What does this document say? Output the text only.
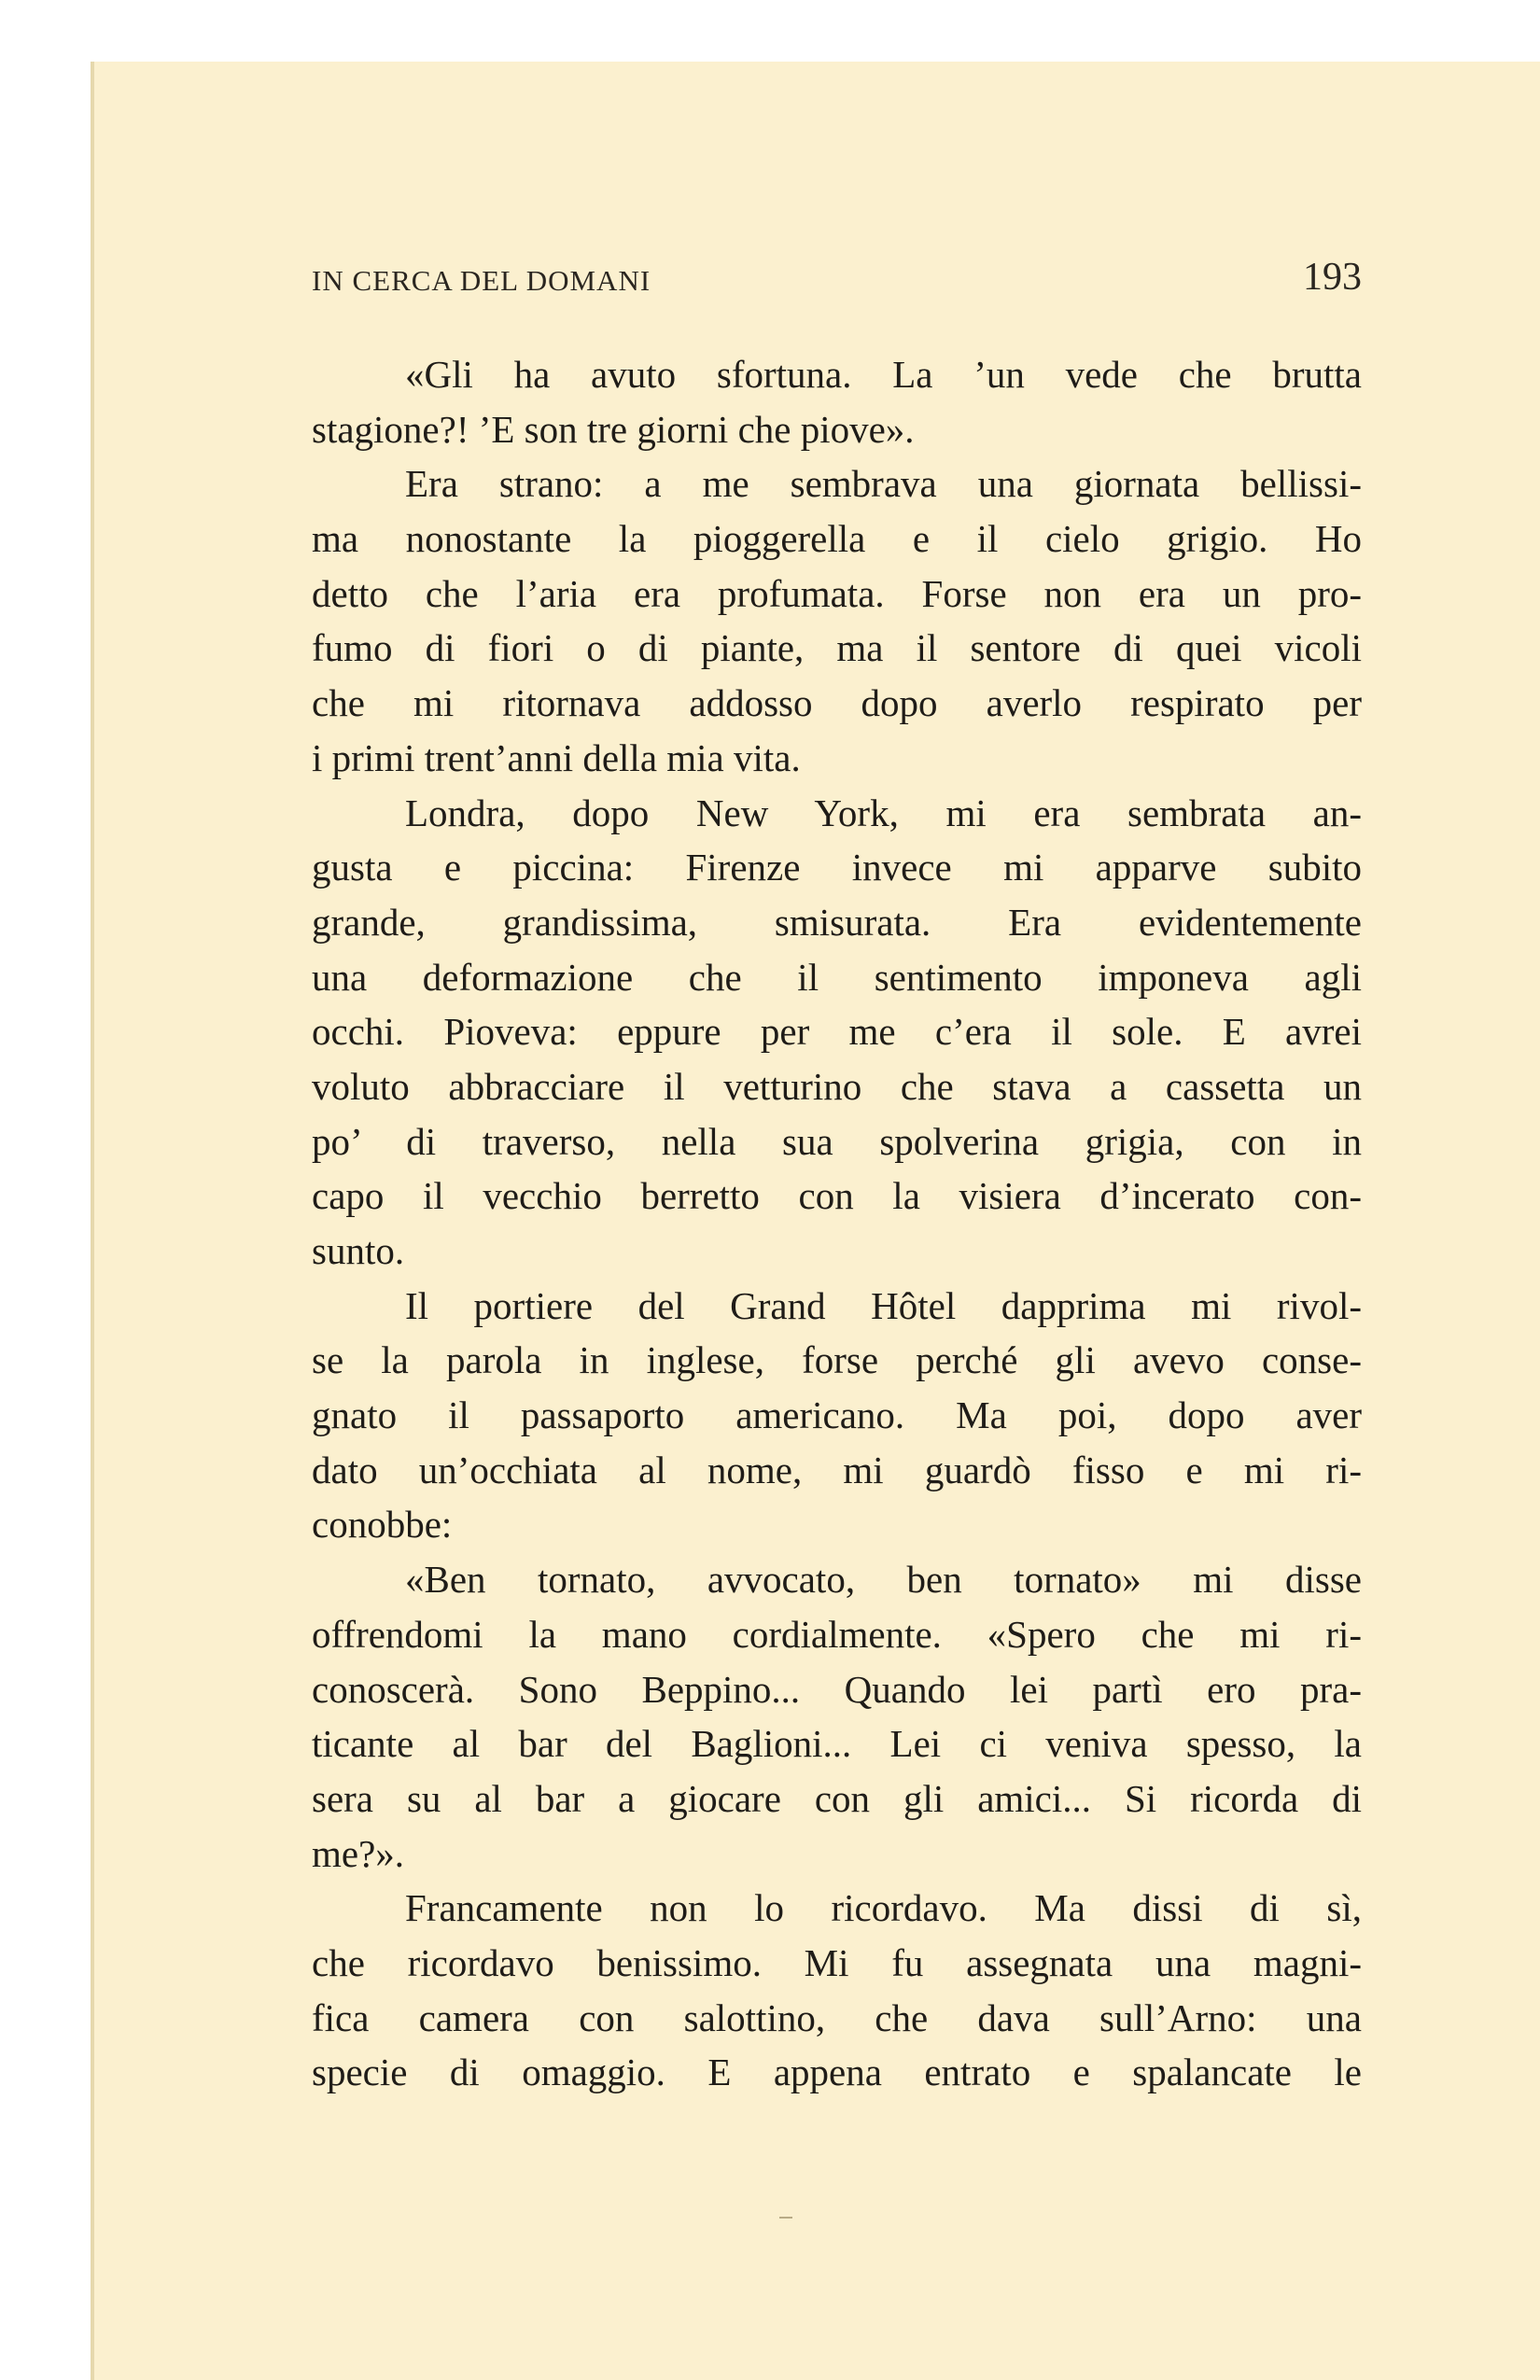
IN CERCA DEL DOMANI	193
«Gli ha avuto sfortuna. La ’un vede che brutta
stagione?! ’E son tre giorni che piove».
Era strano: a me sembrava una giornata bellissi-
ma nonostante la pioggerella e il cielo grigio. Ho
detto che l’aria era profumata. Forse non era un pro-
fumo di fiori o di piante, ma il sentore di quei vicoli
che mi ritornava addosso dopo averlo respirato per
i primi trent’anni della mia vita.
Londra, dopo New York, mi era sembrata an-
gusta e piccina: Firenze invece mi apparve subito
grande, grandissima, smisurata. Era evidentemente
una deformazione che il sentimento imponeva agli
occhi. Pioveva: eppure per me c’era il sole. E avrei
voluto abbracciare il vetturino che stava a cassetta un
po’ di traverso, nella sua spolverina grigia, con in
capo il vecchio berretto con la visiera d’incerato con-
sunto.
Il portiere del Grand Hôtel dapprima mi rivol-
se la parola in inglese, forse perché gli avevo conse-
gnato il passaporto americano. Ma poi, dopo aver
dato un’occhiata al nome, mi guardò fisso e mi ri-
conobbe:
«Ben tornato, avvocato, ben tornato» mi disse
offrendomi la mano cordialmente. «Spero che mi ri-
conoscerà. Sono Beppino... Quando lei partì ero pra-
ticante al bar del Baglioni... Lei ci veniva spesso, la
sera su al bar a giocare con gli amici... Si ricorda di
me?».
Francamente non lo ricordavo. Ma dissi di sì,
che ricordavo benissimo. Mi fu assegnata una magni-
fica camera con salottino, che dava sull’Arno: una
specie di omaggio. E appena entrato e spalancate le
